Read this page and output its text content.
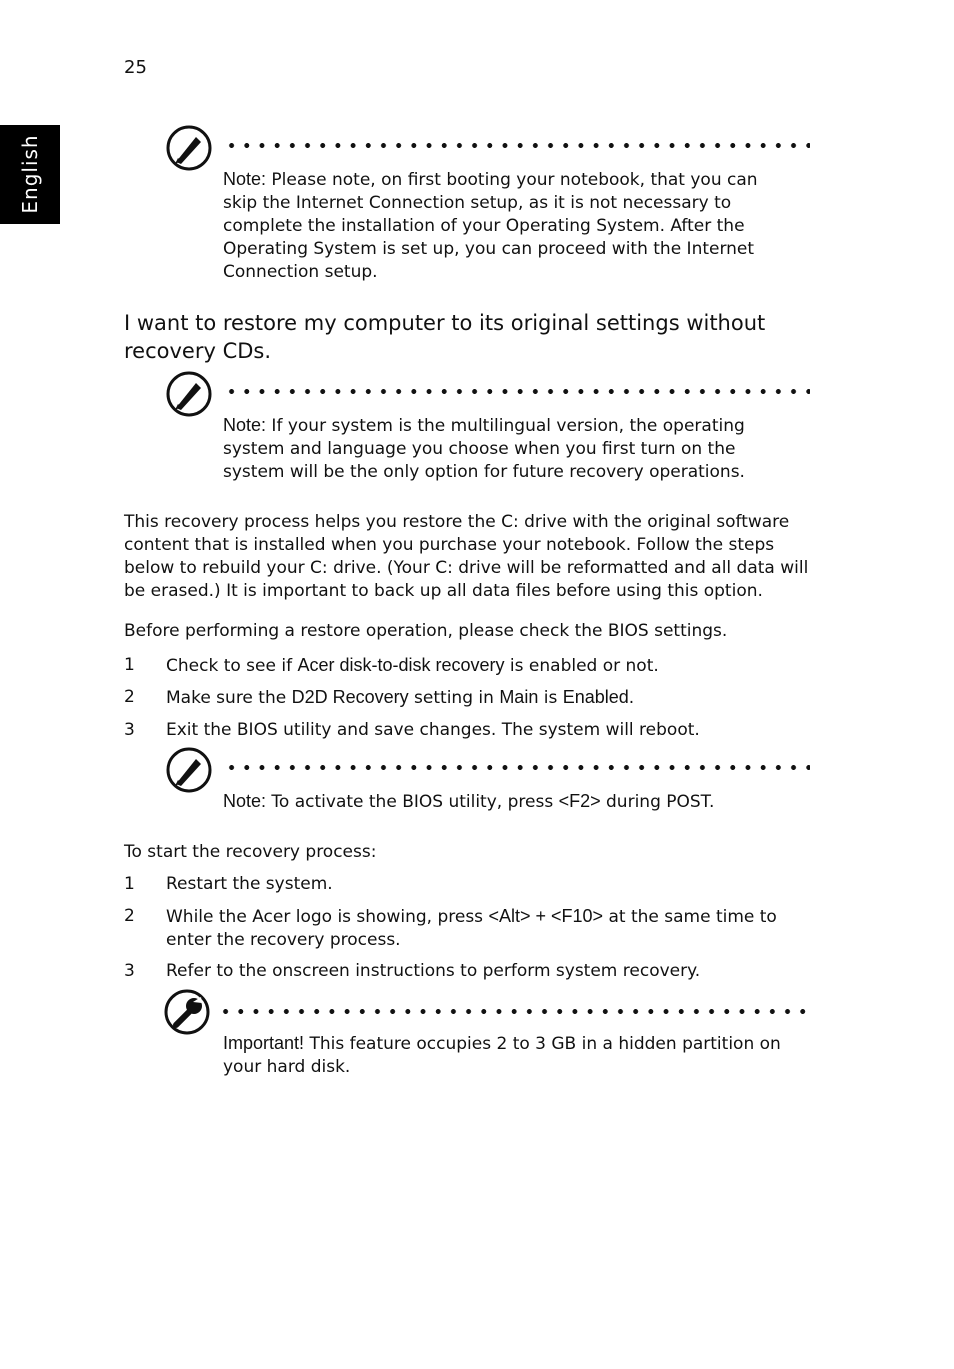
25
English	Note: Please note, on first booting your notebook, that you can skip the Internet Connection setup, as it is not necessary to complete the installation of your Operating System. After the Operating System is set up, you can proceed with the Internet Connection setup.
I want to restore my computer to its original settings without recovery CDs.
Note: If your system is the multilingual version, the operating system and language you choose when you first turn on the system will be the only option for future recovery operations.
This recovery process helps you restore the C: drive with the original software content that is installed when you purchase your notebook. Follow the steps below to rebuild your C: drive. (Your C: drive will be reformatted and all data will be erased.) It is important to back up all data files before using this option.
Before performing a restore operation, please check the BIOS settings.
1 Check to see if Acer disk-to-disk recovery is enabled or not.
2 Make sure the D2D Recovery setting in Main is Enabled.
3 Exit the BIOS utility and save changes. The system will reboot.
Note: To activate the BIOS utility, press <F2> during POST.
To start the recovery process:
1 Restart the system.
2 While the Acer logo is showing, press <Alt> + <F10> at the same time to enter the recovery process.
3 Refer to the onscreen instructions to perform system recovery.
Important! This feature occupies 2 to 3 GB in a hidden partition on your hard disk.
